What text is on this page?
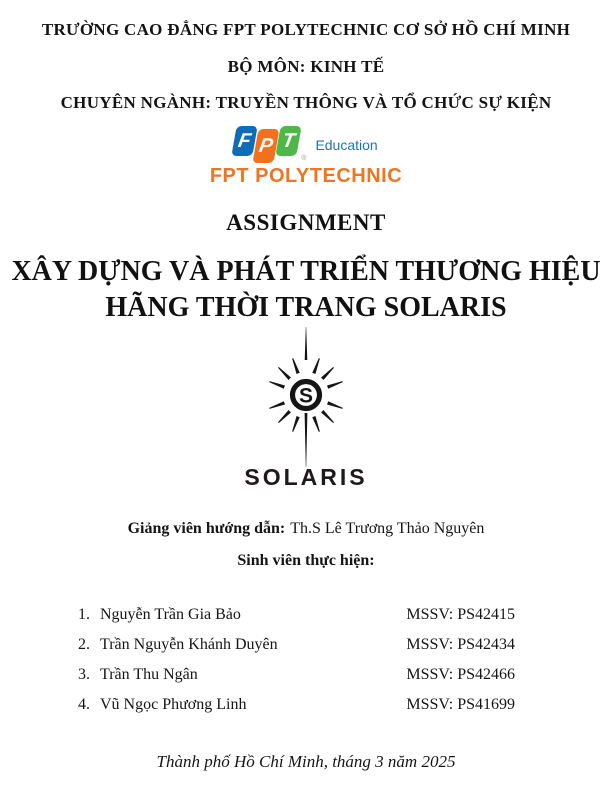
TRƯỜNG CAO ĐẲNG FPT POLYTECHNIC CƠ SỞ HỒ CHÍ MINH
BỘ MÔN: KINH TẾ
CHUYÊN NGÀNH: TRUYỀN THÔNG VÀ TỔ CHỨC SỰ KIỆN
F P T
®
Education
FPT POLYTECHNIC
ASSIGNMENT
XÂY DỰNG VÀ PHÁT TRIỂN THƯƠNG HIỆU
HÃNG THỜI TRANG SOLARIS
S
SOLARIS
Giảng viên hướng dẫn: Th.S Lê Trương Thảo Nguyên
Sinh viên thực hiện:
1. Nguyễn Trần Gia Bảo	MSSV: PS42415
2. Trần Nguyễn Khánh Duyên	MSSV: PS42434
3. Trần Thu Ngân	MSSV: PS42466
4. Vũ Ngọc Phương Linh	MSSV: PS41699
Thành phố Hồ Chí Minh, tháng 3 năm 2025
